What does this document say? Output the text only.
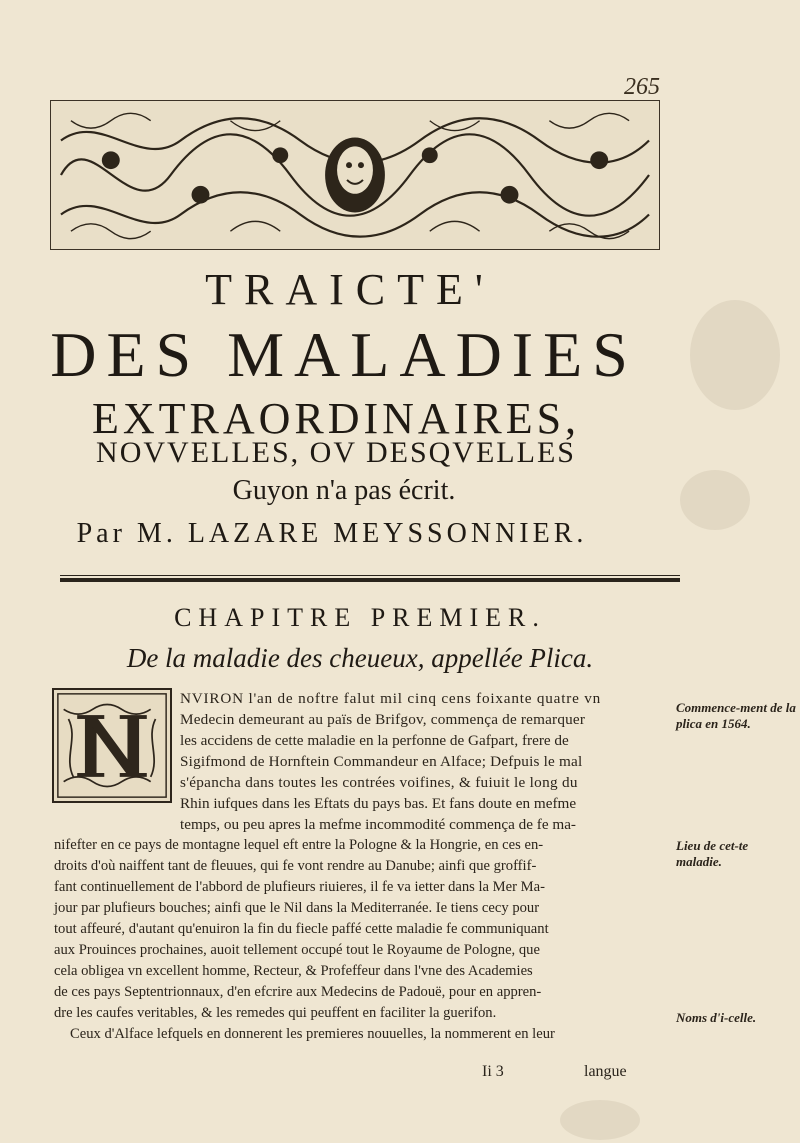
265
TRAICTE'
DES MALADIES
EXTRAORDINAIRES,
NOVVELLES, OV DESQVELLES
Guyon n'a pas écrit.
Par M. LAZARE MEYSSONNIER.
CHAPITRE PREMIER.
De la maladie des cheueux, appellée Plica.
NVIRON l'an de noftre falut mil cinq cens foixante quatre vn
Medecin demeurant au païs de Brifgov, commença de remarquer
les accidens de cette maladie en la perfonne de Gafpart, frere de
Sigifmond de Hornftein Commandeur en Alface; Defpuis le mal
s'épancha dans toutes les contrées voifines, & fuiuit le long du
Rhin iufques dans les Eftats du pays bas. Et fans doute en mefme
temps, ou peu apres la mefme incommodité commença de fe ma-
nifefter en ce pays de montagne lequel eft entre la Pologne & la Hongrie, en ces en-
droits d'où naiffent tant de fleuues, qui fe vont rendre au Danube; ainfi que groffif-
fant continuellement de l'abbord de plufieurs riuieres, il fe va ietter dans la Mer Ma-
jour par plufieurs bouches; ainfi que le Nil dans la Mediterranée. Ie tiens cecy pour
tout affeuré, d'autant qu'enuiron la fin du fiecle paffé cette maladie fe communiquant
aux Prouinces prochaines, auoit tellement occupé tout le Royaume de Pologne, que
cela obligea vn excellent homme, Recteur, & Profeffeur dans l'vne des Academies
de ces pays Septentrionnaux, d'en efcrire aux Medecins de Padouë, pour en appren-
dre les caufes veritables, & les remedes qui peuffent en faciliter la guerifon.
Ceux d'Alface lefquels en donnerent les premieres nouuelles, la nommerent en leur
Commence-ment de la plica en 1564.
Lieu de cet-te maladie.
Noms d'i-celle.
Ii 3	langue
